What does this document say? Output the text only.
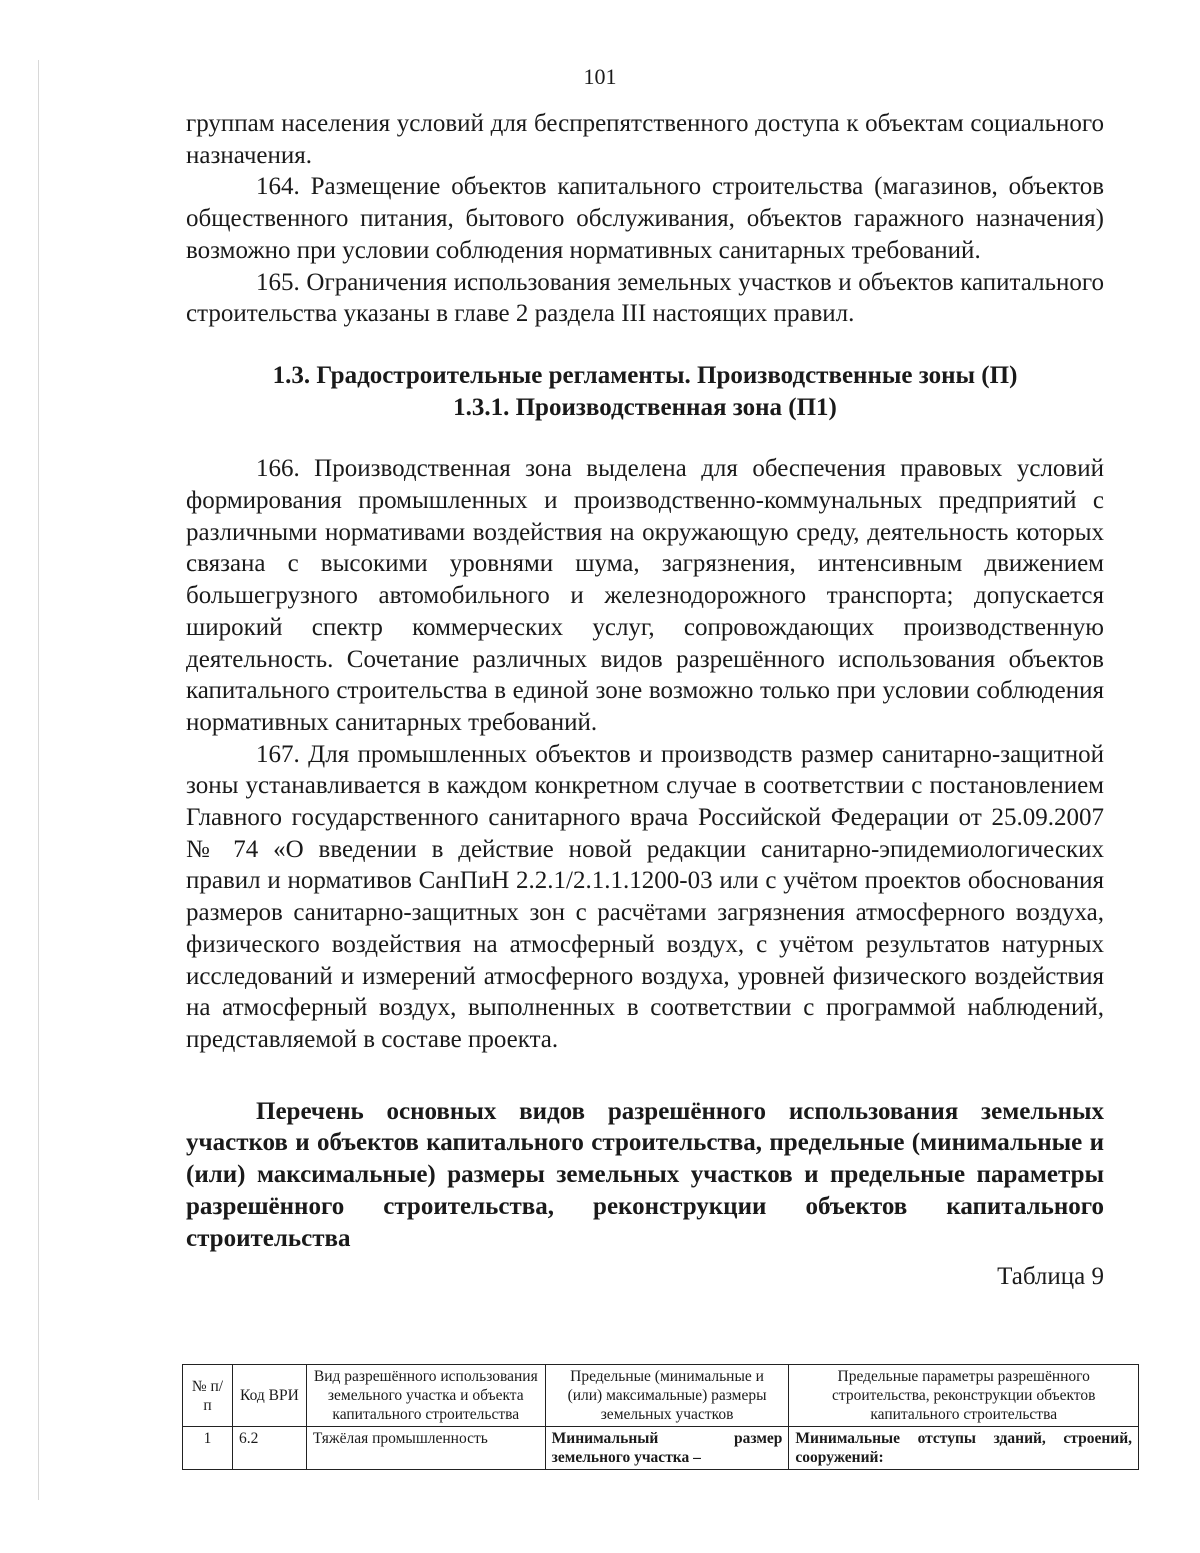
101

группам населения условий для беспрепятственного доступа к объектам социального назначения.

164. Размещение объектов капитального строительства (магазинов, объектов общественного питания, бытового обслуживания, объектов гаражного назначения) возможно при условии соблюдения нормативных санитарных требований.

165. Ограничения использования земельных участков и объектов капитального строительства указаны в главе 2 раздела III настоящих правил.

1.3. Градостроительные регламенты. Производственные зоны (П)

1.3.1. Производственная зона (П1)

166. Производственная зона выделена для обеспечения правовых условий формирования промышленных и производственно-коммунальных предприятий с различными нормативами воздействия на окружающую среду, деятельность которых связана с высокими уровнями шума, загрязнения, интенсивным движением большегрузного автомобильного и железнодорожного транспорта; допускается широкий спектр коммерческих услуг, сопровождающих производственную деятельность. Сочетание различных видов разрешённого использования объектов капитального строительства в единой зоне возможно только при условии соблюдения нормативных санитарных требований.

167. Для промышленных объектов и производств размер санитарно-защитной зоны устанавливается в каждом конкретном случае в соответствии с постановлением Главного государственного санитарного врача Российской Федерации от 25.09.2007 № 74 «О введении в действие новой редакции санитарно-эпидемиологических правил и нормативов СанПиН 2.2.1/2.1.1.1200-03 или с учётом проектов обоснования размеров санитарно-защитных зон с расчётами загрязнения атмосферного воздуха, физического воздействия на атмосферный воздух, с учётом результатов натурных исследований и измерений атмосферного воздуха, уровней физического воздействия на атмосферный воздух, выполненных в соответствии с программой наблюдений, представляемой в составе проекта.

Перечень основных видов разрешённого использования земельных участков и объектов капитального строительства, предельные (минимальные и (или) максимальные) размеры земельных участков и предельные параметры разрешённого строительства, реконструкции объектов капитального строительства

Таблица 9

№ п/п	Код ВРИ	Вид разрешённого использования земельного участка и объекта капитального строительства	Предельные (минимальные и (или) максимальные) размеры земельных участков	Предельные параметры разрешённого строительства, реконструкции объектов капитального строительства
1	6.2	Тяжёлая промышленность	Минимальный размер земельного участка –	Минимальные отступы зданий, строений, сооружений:
